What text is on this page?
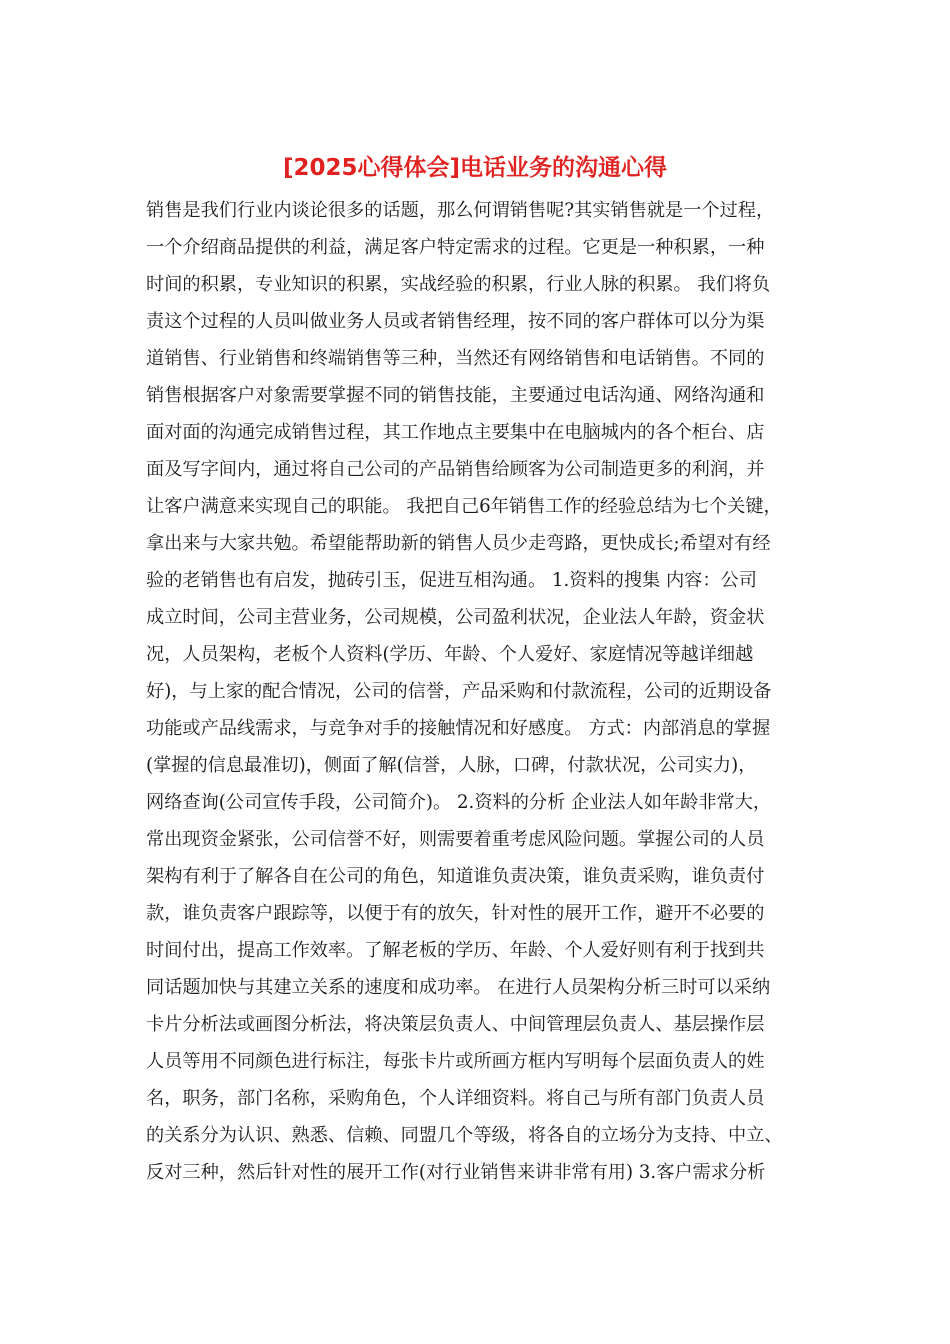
[2025心得体会]电话业务的沟通心得
销售是我们行业内谈论很多的话题，那么何谓销售呢?其实销售就是一个过程，
一个介绍商品提供的利益，满足客户特定需求的过程。它更是一种积累，一种
时间的积累，专业知识的积累，实战经验的积累，行业人脉的积累。 我们将负
责这个过程的人员叫做业务人员或者销售经理，按不同的客户群体可以分为渠
道销售、行业销售和终端销售等三种，当然还有网络销售和电话销售。不同的
销售根据客户对象需要掌握不同的销售技能，主要通过电话沟通、网络沟通和
面对面的沟通完成销售过程，其工作地点主要集中在电脑城内的各个柜台、店
面及写字间内，通过将自己公司的产品销售给顾客为公司制造更多的利润，并
让客户满意来实现自己的职能。 我把自己6年销售工作的经验总结为七个关键，
拿出来与大家共勉。希望能帮助新的销售人员少走弯路，更快成长;希望对有经
验的老销售也有启发，抛砖引玉，促进互相沟通。 1.资料的搜集 内容：公司
成立时间，公司主营业务，公司规模，公司盈利状况，企业法人年龄，资金状
况，人员架构，老板个人资料(学历、年龄、个人爱好、家庭情况等越详细越
好)，与上家的配合情况，公司的信誉，产品采购和付款流程，公司的近期设备
功能或产品线需求，与竞争对手的接触情况和好感度。 方式：内部消息的掌握
(掌握的信息最准切)，侧面了解(信誉，人脉，口碑，付款状况，公司实力)，
网络查询(公司宣传手段，公司简介)。 2.资料的分析 企业法人如年龄非常大，
常出现资金紧张，公司信誉不好，则需要着重考虑风险问题。掌握公司的人员
架构有利于了解各自在公司的角色，知道谁负责决策，谁负责采购，谁负责付
款，谁负责客户跟踪等，以便于有的放矢，针对性的展开工作，避开不必要的
时间付出，提高工作效率。了解老板的学历、年龄、个人爱好则有利于找到共
同话题加快与其建立关系的速度和成功率。 在进行人员架构分析三时可以采纳
卡片分析法或画图分析法，将决策层负责人、中间管理层负责人、基层操作层
人员等用不同颜色进行标注，每张卡片或所画方框内写明每个层面负责人的姓
名，职务，部门名称，采购角色，个人详细资料。将自己与所有部门负责人员
的关系分为认识、熟悉、信赖、同盟几个等级，将各自的立场分为支持、中立、
反对三种，然后针对性的展开工作(对行业销售来讲非常有用) 3.客户需求分析
